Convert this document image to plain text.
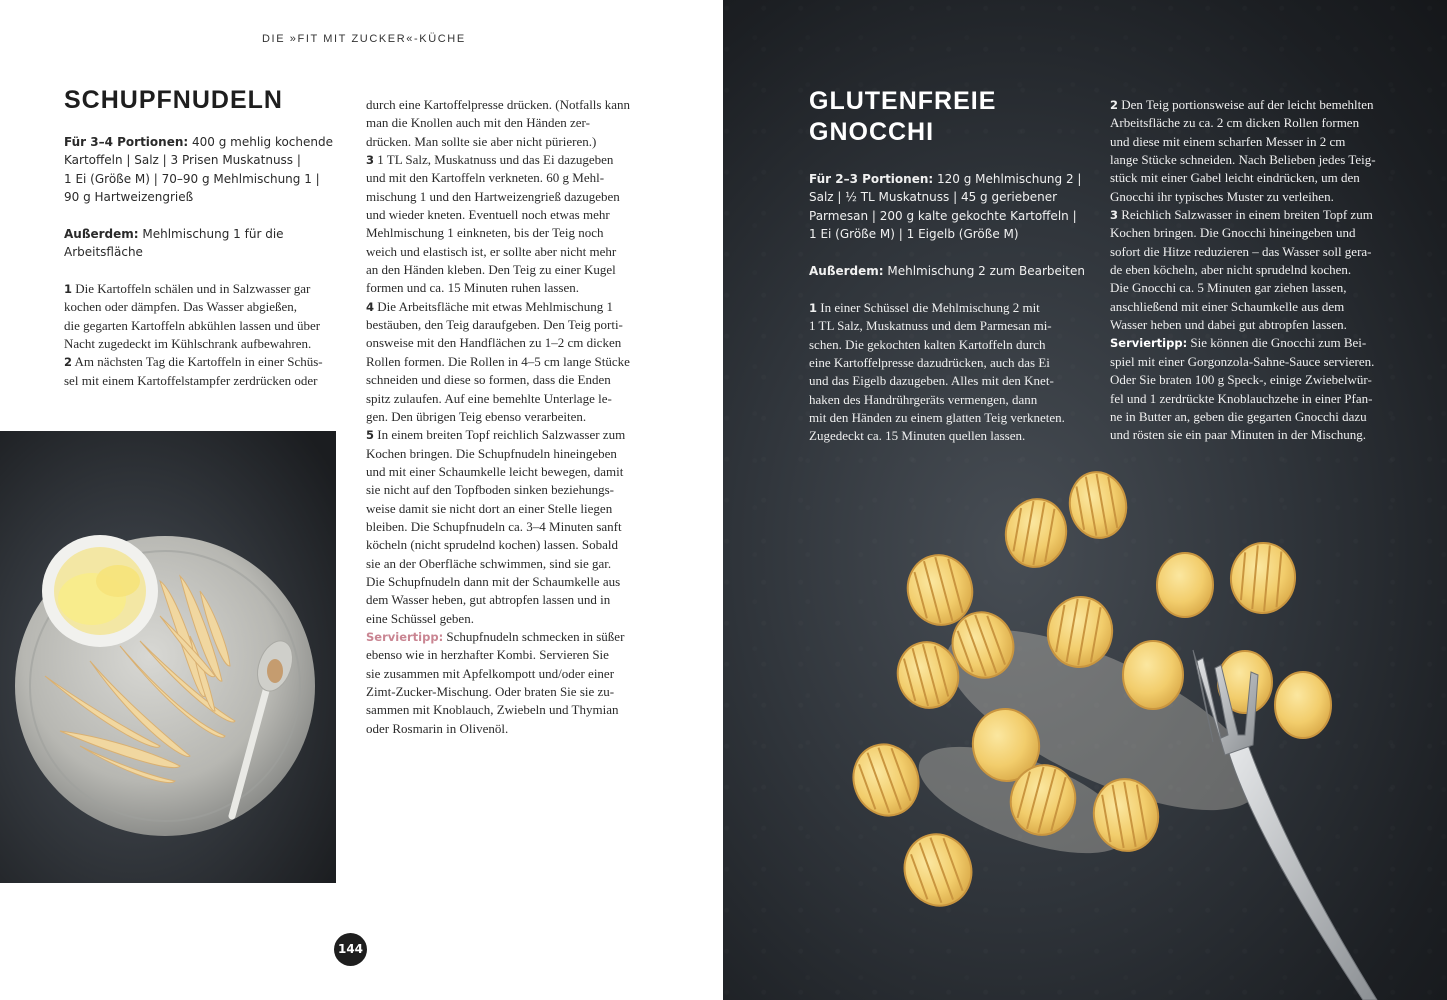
DIE »FIT MIT ZUCKER«-KÜCHE
SCHUPFNUDELN
Für 3–4 Portionen: 400 g mehlig kochende
Kartoffeln | Salz | 3 Prisen Muskatnuss |
1 Ei (Größe M) | 70–90 g Mehlmischung 1 |
90 g Hartweizengrieß
Außerdem: Mehlmischung 1 für die
Arbeitsfläche
1 Die Kartoffeln schälen und in Salzwasser gar
kochen oder dämpfen. Das Wasser abgießen,
die gegarten Kartoffeln abkühlen lassen und über
Nacht zugedeckt im Kühlschrank aufbewahren.
2 Am nächsten Tag die Kartoffeln in einer Schüs-
sel mit einem Kartoffelstampfer zerdrücken oder
durch eine Kartoffelpresse drücken. (Notfalls kann
man die Knollen auch mit den Händen zer-
drücken. Man sollte sie aber nicht pürieren.)
3 1 TL Salz, Muskatnuss und das Ei dazugeben
und mit den Kartoffeln verkneten. 60 g Mehl-
mischung 1 und den Hartweizengrieß dazugeben
und wieder kneten. Eventuell noch etwas mehr
Mehlmischung 1 einkneten, bis der Teig noch
weich und elastisch ist, er sollte aber nicht mehr
an den Händen kleben. Den Teig zu einer Kugel
formen und ca. 15 Minuten ruhen lassen.
4 Die Arbeitsfläche mit etwas Mehlmischung 1
bestäuben, den Teig daraufgeben. Den Teig porti-
onsweise mit den Handflächen zu 1–2 cm dicken
Rollen formen. Die Rollen in 4–5 cm lange Stücke
schneiden und diese so formen, dass die Enden
spitz zulaufen. Auf eine bemehlte Unterlage le-
gen. Den übrigen Teig ebenso verarbeiten.
5 In einem breiten Topf reichlich Salzwasser zum
Kochen bringen. Die Schupfnudeln hineingeben
und mit einer Schaumkelle leicht bewegen, damit
sie nicht auf den Topfboden sinken beziehungs-
weise damit sie nicht dort an einer Stelle liegen
bleiben. Die Schupfnudeln ca. 3–4 Minuten sanft
köcheln (nicht sprudelnd kochen) lassen. Sobald
sie an der Oberfläche schwimmen, sind sie gar.
Die Schupfnudeln dann mit der Schaumkelle aus
dem Wasser heben, gut abtropfen lassen und in
eine Schüssel geben.
Serviertipp: Schupfnudeln schmecken in süßer
ebenso wie in herzhafter Kombi. Servieren Sie
sie zusammen mit Apfelkompott und/oder einer
Zimt-Zucker-Mischung. Oder braten Sie sie zu-
sammen mit Knoblauch, Zwiebeln und Thymian
oder Rosmarin in Olivenöl.
144
GLUTENFREIE
GNOCCHI
Für 2–3 Portionen: 120 g Mehlmischung 2 |
Salz | ½ TL Muskatnuss | 45 g geriebener
Parmesan | 200 g kalte gekochte Kartoffeln |
1 Ei (Größe M) | 1 Eigelb (Größe M)
Außerdem: Mehlmischung 2 zum Bearbeiten
1 In einer Schüssel die Mehlmischung 2 mit
1 TL Salz, Muskatnuss und dem Parmesan mi-
schen. Die gekochten kalten Kartoffeln durch
eine Kartoffelpresse dazudrücken, auch das Ei
und das Eigelb dazugeben. Alles mit den Knet-
haken des Handrührgeräts vermengen, dann
mit den Händen zu einem glatten Teig verkneten.
Zugedeckt ca. 15 Minuten quellen lassen.
2 Den Teig portionsweise auf der leicht bemehlten
Arbeitsfläche zu ca. 2 cm dicken Rollen formen
und diese mit einem scharfen Messer in 2 cm
lange Stücke schneiden. Nach Belieben jedes Teig-
stück mit einer Gabel leicht eindrücken, um den
Gnocchi ihr typisches Muster zu verleihen.
3 Reichlich Salzwasser in einem breiten Topf zum
Kochen bringen. Die Gnocchi hineingeben und
sofort die Hitze reduzieren – das Wasser soll gera-
de eben köcheln, aber nicht sprudelnd kochen.
Die Gnocchi ca. 5 Minuten gar ziehen lassen,
anschließend mit einer Schaumkelle aus dem
Wasser heben und dabei gut abtropfen lassen.
Serviertipp: Sie können die Gnocchi zum Bei-
spiel mit einer Gorgonzola-Sahne-Sauce servieren.
Oder Sie braten 100 g Speck-, einige Zwiebelwür-
fel und 1 zerdrückte Knoblauchzehe in einer Pfan-
ne in Butter an, geben die gegarten Gnocchi dazu
und rösten sie ein paar Minuten in der Mischung.
